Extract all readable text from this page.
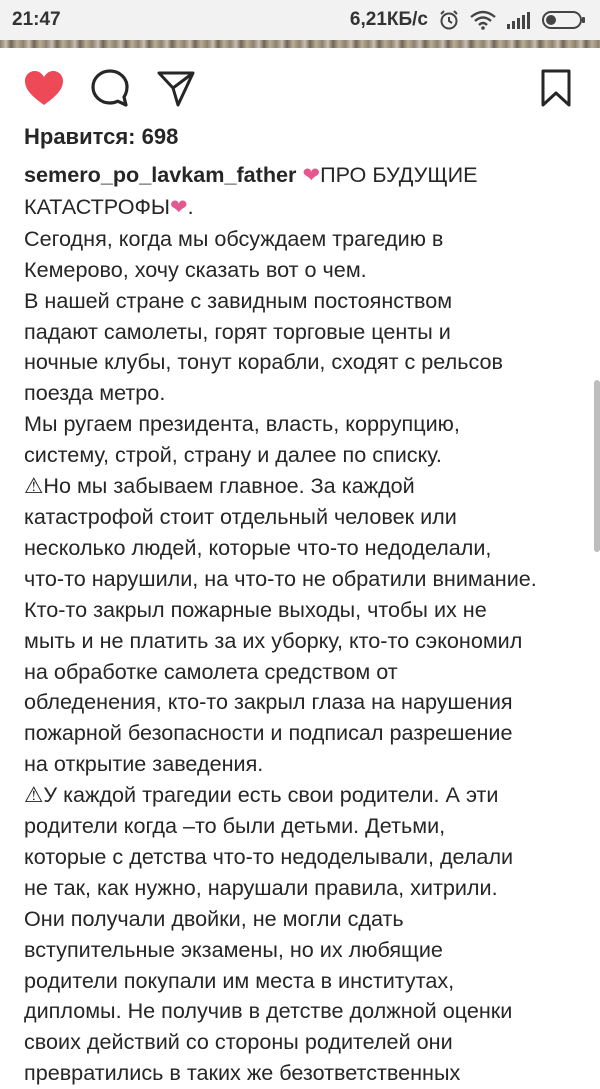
21:47	6,21КБ/с
Нравится: 698
semero_po_lavkam_father ❤ПРО БУДУЩИЕ
КАТАСТРОФЫ❤.
Сегодня, когда мы обсуждаем трагедию в
Кемерово, хочу сказать вот о чем.
В нашей стране с завидным постоянством
падают самолеты, горят торговые центы и
ночные клубы, тонут корабли, сходят с рельсов
поезда метро.
Мы ругаем президента, власть, коррупцию,
систему, строй, страну и далее по списку.
⚠Но мы забываем главное. За каждой
катастрофой стоит отдельный человек или
несколько людей, которые что-то недоделали,
что-то нарушили, на что-то не обратили внимание.
Кто-то закрыл пожарные выходы, чтобы их не
мыть и не платить за их уборку, кто-то сэкономил
на обработке самолета средством от
обледенения, кто-то закрыл глаза на нарушения
пожарной безопасности и подписал разрешение
на открытие заведения.
⚠У каждой трагедии есть свои родители. А эти
родители когда –то были детьми. Детьми,
которые с детства что-то недоделывали, делали
не так, как нужно, нарушали правила, хитрили.
Они получали двойки, не могли сдать
вступительные экзамены, но их любящие
родители покупали им места в институтах,
дипломы. Не получив в детстве должной оценки
своих действий со стороны родителей они
превратились в таких же безответственных
